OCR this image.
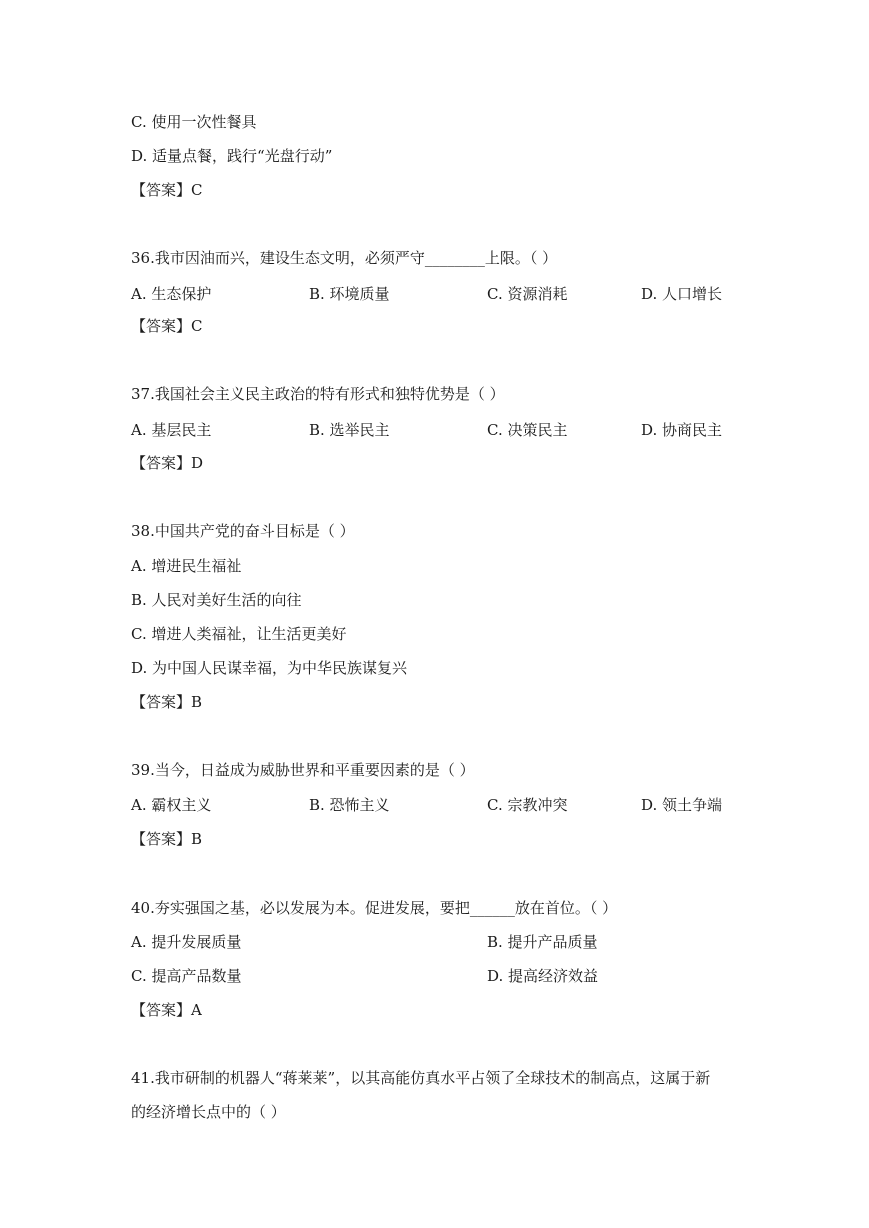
C. 使用一次性餐具
D. 适量点餐，践行“光盘行动”
【答案】C
36.我市因油而兴，建设生态文明，必须严守________上限。（ ）
A. 生态保护	B. 环境质量	C. 资源消耗	D. 人口增长
【答案】C
37.我国社会主义民主政治的特有形式和独特优势是（ ）
A. 基层民主	B. 选举民主	C. 决策民主	D. 协商民主
【答案】D
38.中国共产党的奋斗目标是（ ）
A. 增进民生福祉
B. 人民对美好生活的向往
C. 增进人类福祉，让生活更美好
D. 为中国人民谋幸福，为中华民族谋复兴
【答案】B
39.当今，日益成为威胁世界和平重要因素的是（ ）
A. 霸权主义	B. 恐怖主义	C. 宗教冲突	D. 领土争端
【答案】B
40.夯实强国之基，必以发展为本。促进发展，要把______放在首位。（ ）
A. 提升发展质量	B. 提升产品质量
C. 提高产品数量	D. 提高经济效益
【答案】A
41.我市研制的机器人“蒋莱莱”，以其高能仿真水平占领了全球技术的制高点，这属于新
的经济增长点中的（ ）
